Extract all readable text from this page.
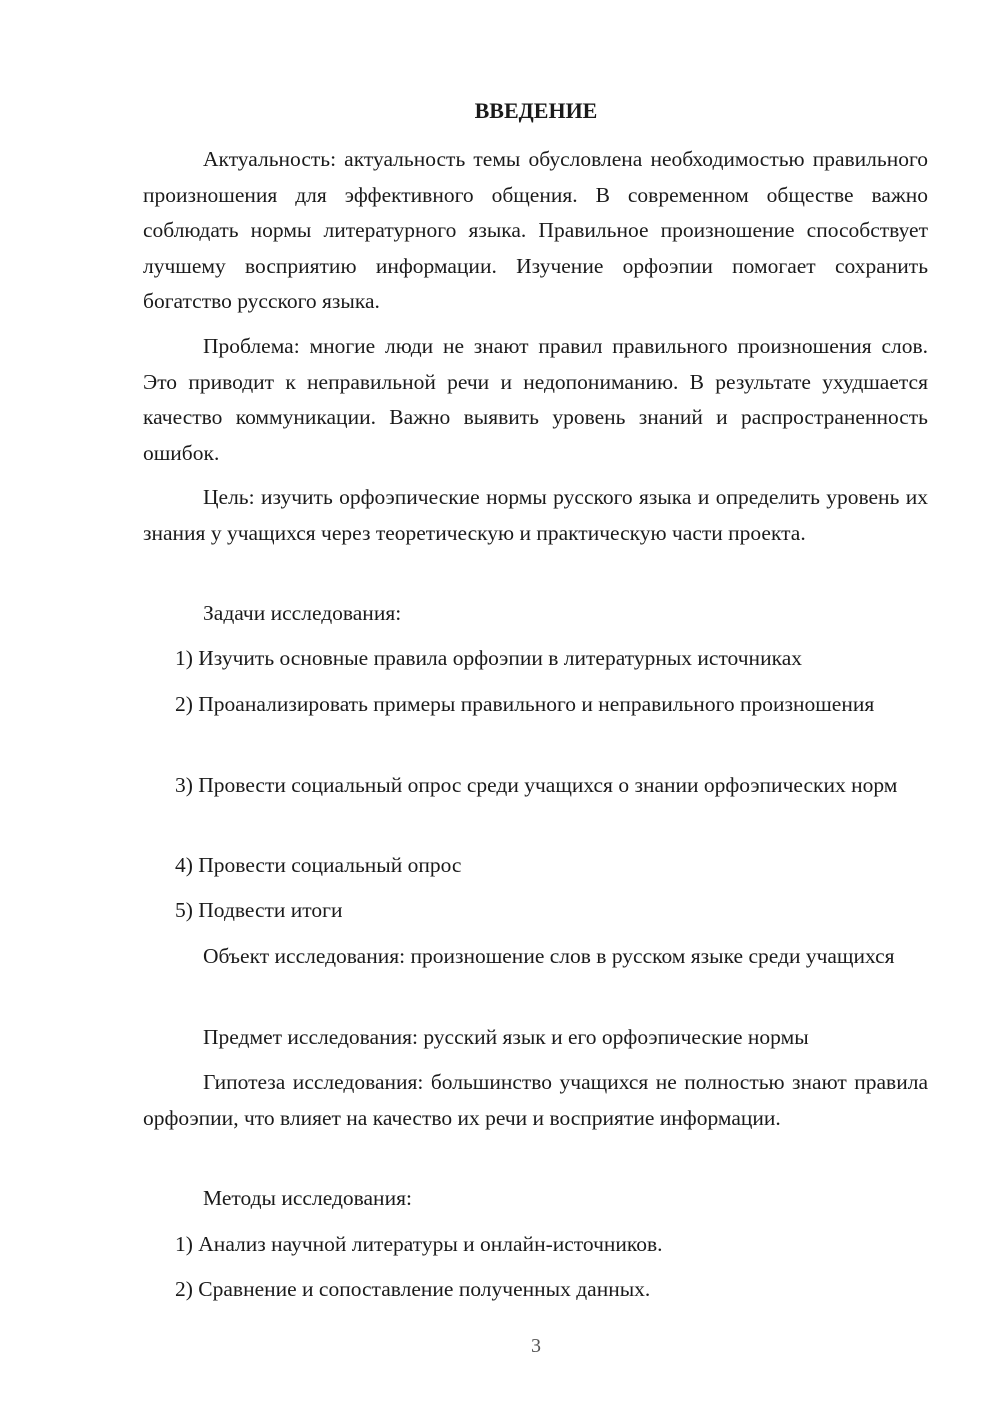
ВВЕДЕНИЕ

Актуальность: актуальность темы обусловлена необходимостью правильного произношения для эффективного общения. В современном обществе важно соблюдать нормы литературного языка. Правильное произношение способствует лучшему восприятию информации. Изучение орфоэпии помогает сохранить богатство русского языка.

Проблема: многие люди не знают правил правильного произношения слов. Это приводит к неправильной речи и недопониманию. В результате ухудшается качество коммуникации. Важно выявить уровень знаний и распространенность ошибок.

Цель: изучить орфоэпические нормы русского языка и определить уровень их знания у учащихся через теоретическую и практическую части проекта.

Задачи исследования:

1) Изучить основные правила орфоэпии в литературных источниках

2) Проанализировать примеры правильного и неправильного произношения

3) Провести социальный опрос среди учащихся о знании орфоэпических норм

4) Провести социальный опрос

5) Подвести итоги

Объект исследования: произношение слов в русском языке среди учащихся

Предмет исследования: русский язык и его орфоэпические нормы

Гипотеза исследования: большинство учащихся не полностью знают правила орфоэпии, что влияет на качество их речи и восприятие информации.

Методы исследования:

1) Анализ научной литературы и онлайн-источников.

2) Сравнение и сопоставление полученных данных.

3
